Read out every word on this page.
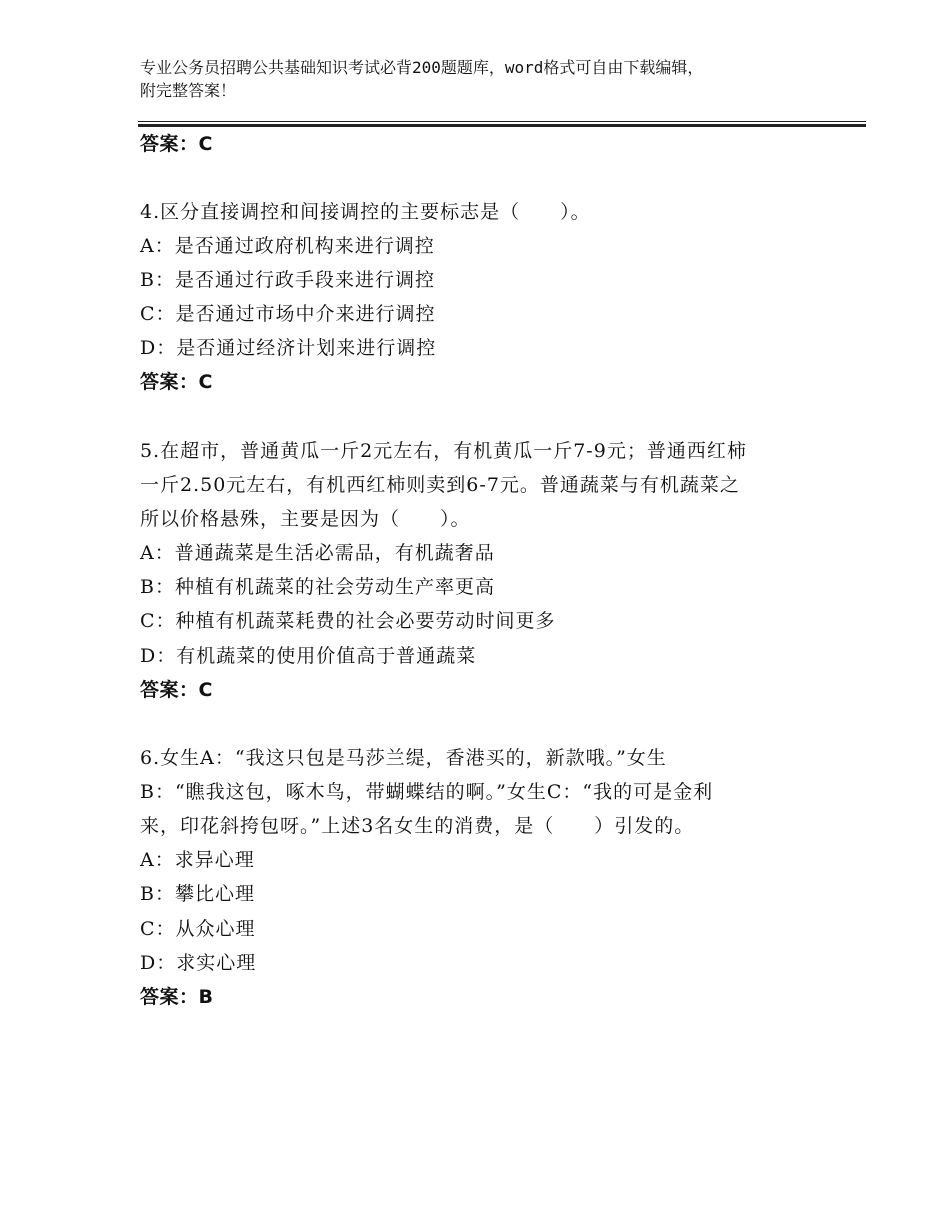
专业公务员招聘公共基础知识考试必背200题题库，word格式可自由下载编辑，
附完整答案！
答案：C
4.区分直接调控和间接调控的主要标志是（　　）。
A：是否通过政府机构来进行调控
B：是否通过行政手段来进行调控
C：是否通过市场中介来进行调控
D：是否通过经济计划来进行调控
答案：C
5.在超市，普通黄瓜一斤2元左右，有机黄瓜一斤7-9元；普通西红柿
一斤2.50元左右，有机西红柿则卖到6-7元。普通蔬菜与有机蔬菜之
所以价格悬殊，主要是因为（　　）。
A：普通蔬菜是生活必需品，有机蔬奢品
B：种植有机蔬菜的社会劳动生产率更高
C：种植有机蔬菜耗费的社会必要劳动时间更多
D：有机蔬菜的使用价值高于普通蔬菜
答案：C
6.女生A：“我这只包是马莎兰缇，香港买的，新款哦。”女生
B：“瞧我这包，啄木鸟，带蝴蝶结的啊。”女生C：“我的可是金利
来，印花斜挎包呀。”上述3名女生的消费，是（　　）引发的。
A：求异心理
B：攀比心理
C：从众心理
D：求实心理
答案：B
